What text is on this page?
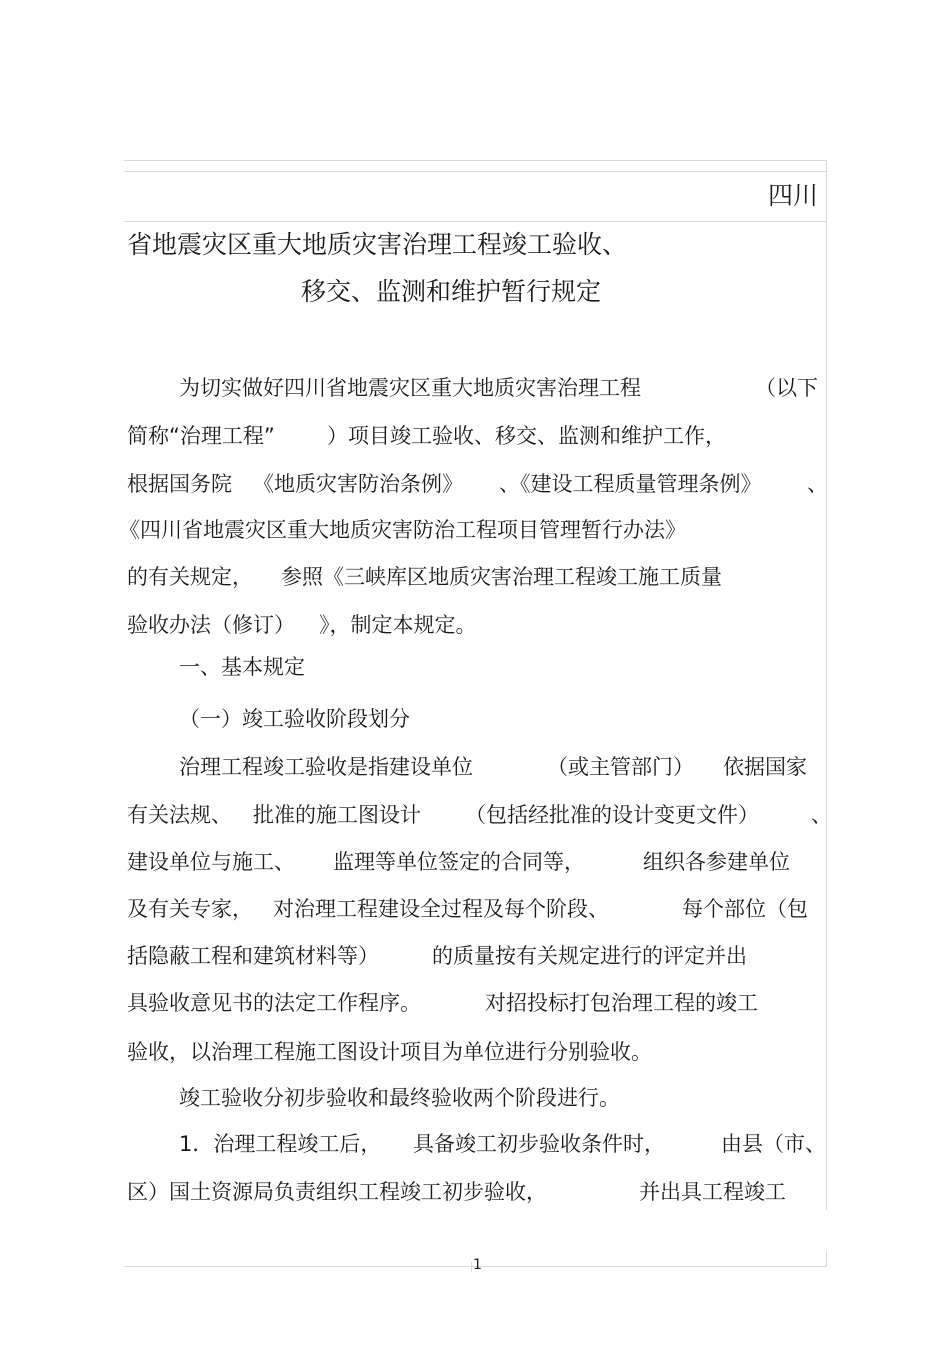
四川
省地震灾区重大地质灾害治理工程竣工验收、
移交、监测和维护暂行规定
为切实做好四川省地震灾区重大地质灾害治理工程	（以下
简称“治理工程” ）项目竣工验收、移交、监测和维护工作，
根据国务院 《地质灾害防治条例》 、《建设工程质量管理条例》 、
《四川省地震灾区重大地质灾害防治工程项目管理暂行办法》
的有关规定， 参照《三峡库区地质灾害治理工程竣工施工质量
验收办法（修订） 》，制定本规定。
一、基本规定
（一）竣工验收阶段划分
治理工程竣工验收是指建设单位	（或主管部门） 依据国家
有关法规、 批准的施工图设计 （包括经批准的设计变更文件） 、
建设单位与施工、 监理等单位签定的合同等，	组织各参建单位
及有关专家， 对治理工程建设全过程及每个阶段、	每个部位（包
括隐蔽工程和建筑材料等）	的质量按有关规定进行的评定并出
具验收意见书的法定工作程序。	对招投标打包治理工程的竣工
验收，以治理工程施工图设计项目为单位进行分别验收。
竣工验收分初步验收和最终验收两个阶段进行。
1．治理工程竣工后， 具备竣工初步验收条件时，	由县（市、
区）国土资源局负责组织工程竣工初步验收，	并出具工程竣工
1
